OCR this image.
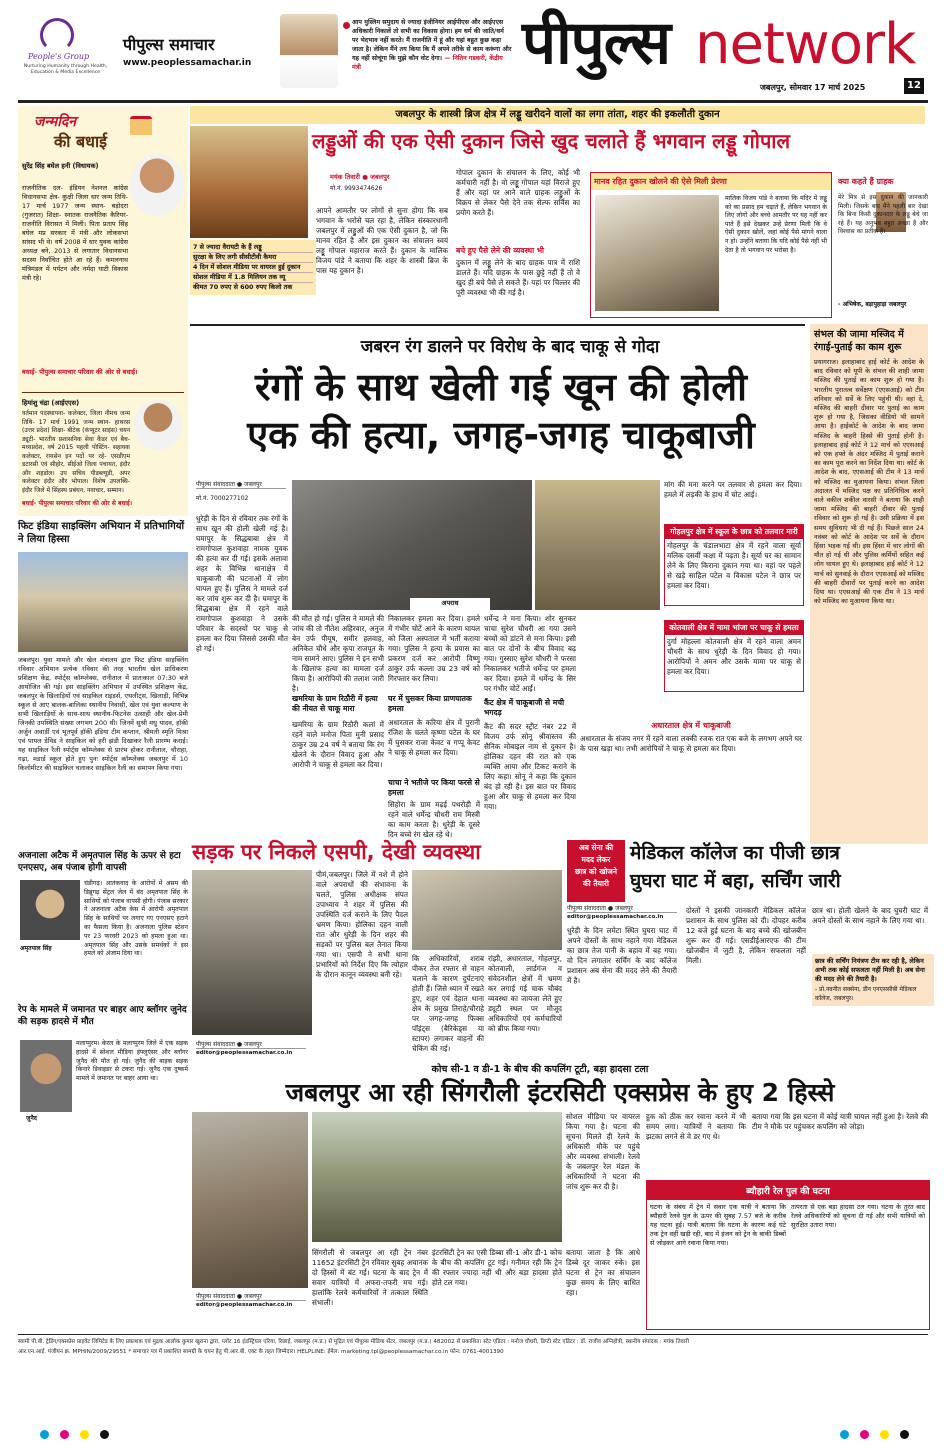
People's Group
Nurturing Humanity through Health, Education & Media Excellence
पीपुल्स समाचार
www.peoplessamachar.in
आप मुस्लिम समुदाय से ज्यादा इंजीनियर आईपीएस और आईएएस अधिकारी निकालें तो सभी का विकास होगा। हम धर्म की जाति/धर्म पर भेदभाव नहीं करते। मैं राजनीति में हूं और यहां बहुत कुछ कहा जाता है। लेकिन मैंने तय किया कि मैं अपने तरीके से काम करूंगा और यह नहीं सोचूंगा कि मुझे कौन वोट देगा। — नितिन गडकरी, केंद्रीय मंत्री	पीपुल्स network
जबलपुर, सोमवार 17 मार्च 2025	12
जन्मदिन
की बधाई
सुरेंद्र सिंह बघेल हनी (विधायक)
राजनीतिक दल- इंडियन नेशनल कांग्रेस विधानसभा क्षेत्र- कुक्षी जिला धार जन्म तिथि- 17 मार्च 1977 जन्म स्थान- बड़ोदरा (गुजरात) शिक्षा- स्नातक राजनैतिक कैरियर- राजनीति विरासत में मिली। पिता प्रताप सिंह बघेल मप्र सरकार में मंत्री और लोकसभा सांसद भी थे। वर्ष 2008 में धार युवक कांग्रेस अध्यक्ष बने, 2013 से लगातार विधानसभा सदस्य निर्वाचित होते आ रहे हैं। कमलनाथ मंत्रिमंडल में पर्यटन और नर्मदा घाटी विकास मंत्री रहे।
बधाई- पीपुल्स समाचार परिवार की ओर से बधाई।
हिमांशु चंद्रा (आईएएस)
वर्तमान पदस्थापना- कलेक्टर, जिला नीमच जन्म तिथि- 17 मार्च 1991 जन्म स्थान- हाथरस (उत्तर प्रदेश) शिक्षा- बीटेक (कंप्यूटर साइंस) चयन ड्यूटी- भारतीय प्रशासनिक सेवा कैडर एवं बैच- मध्यप्रदेश, वर्ष 2015 पहली पोस्टिंग- सहायक कलेक्टर, रायसेन इन पदों पर रहे- एसडीएम डटारसी एवं सीहोर, सीईओ जिला पंचायत, इंदौर और शहडोल। उप सचिव पीडब्ल्यूडी, अपर कलेक्टर इंदौर और भोपाल। विशेष उपलब्धि- इंदौर जिले में सिंहस्थ प्रबंधन, नवाचार, सम्मान।
बधाई- पीपुल्स समाचार परिवार की ओर से बधाई।
जबलपुर के शास्त्री ब्रिज क्षेत्र में लड्डू खरीदने वालों का लगा तांता, शहर की इकलौती दुकान
लड्डुओं की एक ऐसी दुकान जिसे खुद चलाते हैं भगवान लड्डू गोपाल
7 से ज्यादा वैरायटी के हैं लड्डू
सुरक्षा के लिए लगी सीसीटीवी कैमरा
4 दिन में सोशल मीडिया पर वायरल हुई दुकान
सोशल मीडिया में 1.8 मिलियन तक व्यू
कीमत 70 रुपए से 600 रुपए किलो तक
मयंक तिवारी ● जबलपुर
मो.नं. 9993474626
आपने आमतौर पर लोगों से सुना होगा कि सब भगवान के भरोसे चल रहा है, लेकिन संस्कारधानी जबलपुर में लड्डुओं की एक ऐसी दुकान है, जो कि मानव रहित है और इस दुकान का संचालन स्वयं लड्डू गोपाल महाराज करते हैं। दुकान के मालिक विजय पांडे ने बताया कि शहर के शास्त्री ब्रिज के पास यह दुकान है।
गोपाल दुकान के संचालन के लिए, कोई भी कर्मचारी नहीं है। वो लड्डू गोपाल यहां विराजे हुए हैं और यहां पर आने वाले ग्राहक लड्डुओं के विक्रय से लेकर पैसे देने तक सेल्फ सर्विस का प्रयोग करते हैं।
बचे हुए पैसे लेने की व्यवस्था भी
दुकान में लड्डू लेने के बाद ग्राहक पात्र में राशि डालते हैं। यदि ग्राहक के पास छुट्टे नहीं हैं तो वे खुद ही बचे पैसे ले सकते हैं। यहां पर चिल्लर की पूरी व्यवस्था भी की गई है।
मानव रहित दुकान खोलने की ऐसे मिली प्रेरणा
मालिक विजय पांडे ने बताया कि मंदिर में लड्डू को का प्रसाद हम चढ़ाते हैं, लेकिन भगवान के लिए लोगों और बच्चे आमतौर पर यह नहीं कर पाते हैं इसे देखकर उन्हें प्रेरणा मिली कि वे ऐसी दुकान खोलें, जहां कोई पैसे मांगने वाला न हो। उन्होंने बताया कि यदि कोई पैसे नहीं भी देता है तो भगवान पर भरोसा है।
क्या कहते हैं ग्राहक
मेरे मित्र से इस दुकान की जानकारी मिली। जिसके बाद मैंने पहली बार देखा कि बिना किसी दुकानदार के लड्डू बेचे जा रहे हैं। यह अनुभव बहुत अच्छा है और विश्वास का प्रतीक है।
- अभिषेक, बड़ापुहाड़ा जबलपुर
जबरन रंग डालने पर विरोध के बाद चाकू से गोदा
रंगों के साथ खेली गई खून की होली
एक की हत्या, जगह-जगह चाकूबाजी
पीपुल्स संवाददाता ● जबलपुर
मो.नं. 7000277102
धुरेड़ी के दिन से रविवार तक रंगों के साथ खून की होली खेली गई है। घमापुर के सिद्धबाबा क्षेत्र में रामगोपाल कुशवाहा नामक युवक की हत्या कर दी गई। इसके अलावा शहर के विभिन्न थानाक्षेत्र में चाकूबाजी की घटनाओं में लोग घायल हुए हैं। पुलिस ने मामले दर्ज कर जांच शुरू कर दी है। घमापुर के सिद्धबाबा क्षेत्र में रहने वाले रामगोपाल कुशवाहा ने उसके परिवार के सदस्यों पर चाकू से हमला कर दिया जिससे उसकी मौत हो गई।
अपराध
की मौत हो गई। पुलिस ने मामले की जांच की तो नीतेश अहिरवार, अनुज बेन उर्फ पीयूष, समीर हलवाह, अनिकेत चौधे और कृपा राजपूत के नाम सामने आए। पुलिस ने इन सभी के खिलाफ हत्या का मामला दर्ज किया है। आरोपियों की तलाश जारी है।
खमरिया के ग्राम रिठौरी में हत्या की नीयत से चाकू मारा
खमरिया के ग्राम रिठौरी कलां में रहने वाले मनोज पिता मुनी प्रसाद ठाकुर उम्र 24 वर्ष ने बताया कि रंग खेलने के दौरान विवाद हुआ और आरोपी ने चाकू से हमला कर दिया।
निकालकर हमला कर दिया। हमले में गंभीर चोटें आने के कारण घायल को जिला अस्पताल में भर्ती कराया गया। पुलिस ने हत्या के प्रयास का प्रकरण दर्ज कर आरोपी विष्णु ठाकुर उर्फ कल्ला उम्र 23 वर्ष को गिरफ्तार कर लिया।
घर में घुसकर किया प्राणघातक हमला
अधारताल के करिया क्षेत्र में पुरानी रंजिश के चलते कृष्णा पटेल के घर में घुसकर राजा केवट व गप्पू केवट ने चाकू से हमला कर दिया।
चाचा ने भतीजे पर किया फरसे से हमला
सिहोरा के ग्राम मढ़ई पथरोड़ी में रहने वाले धर्मेन्द्र चौधरी राम मिस्त्री का काम करता है। धुरेड़ी के दूसरे दिन बच्चे रंग खेल रहे थे।
धर्मेन्द्र ने मना किया। शोर सुनकर चाचा सुरेश चौधरी आ गया उसने बच्चों को डांटने से मना किया। इसी बात पर दोनों के बीच विवाद बढ़ गया। गुस्साए सुरेश चौधरी ने फरसा निकालकर भतीजे धर्मेन्द्र पर हमला कर दिया। हमले में धर्मेन्द्र के सिर पर गंभीर चोटें आईं।
कैंट क्षेत्र में चाकूबाजी से मची भगदड़
कैंट की सदर स्ट्रीट नंबर 22 में विजय उर्फ सोनू श्रीवास्तव की सैनिक मोबाइल नाम से दुकान है। होलिका दहन की रात को एक व्यक्ति आया और टिकट कराने के लिए कहा। सोनू ने कहा कि दुकान बंद हो रही है। इस बात पर विवाद हुआ और चाकू से हमला कर दिया गया।
मांग की मना करने पर तलवार से हमला कर दिया। हमले में लड़की के हाथ में चोट आई।
गोहलपुर क्षेत्र में स्कूल के छात्र को तलवार मारी
गोहलपुर के चंडालभाटा क्षेत्र में रहने वाला सूर्या मलिक दसवीं कक्षा में पढ़ता है। सूर्या घर का सामान लेने के लिए किराना दुकान गया था। वहां पर पहले से खड़े साहिल पटेल व विकास पटेल ने छात्र पर हमला कर दिया।
कोतवाली क्षेत्र में मामा भांजा पर चाकू से हमला
दुर्गा मोहल्ला कोतवाली क्षेत्र में रहने वाला अमन चौधरी के साथ धुरेड़ी के दिन विवाद हो गया। आरोपियों ने अमन और उसके मामा पर चाकू से हमला कर दिया।
अधारताल क्षेत्र में चाकूबाजी
अधारताल के संजय नगर में रहने वाला लक्की रजक रात एक बजे के लगभग अपने घर के पास खड़ा था। तभी आरोपियों ने चाकू से हमला कर दिया।
संभल की जामा मस्जिद में रंगाई-पुताई का काम शुरू
प्रयागराज। इलाहाबाद हाई कोर्ट के आदेश के बाद रविवार को यूपी के संभल की शाही जामा मस्जिद की पुताई का काम शुरू हो गया है। भारतीय पुरातत्व सर्वेक्षण (एएसआई) को टीम शनिवार को सर्वे के लिए पहुंची थी। वहां दे, मस्जिद की बाहरी दीवार पर पुताई का काम शुरू हो गया है, जिसका वीडियो भी सामने आया है। हाईकोर्ट के आदेश के बाद जामा मस्जिद के बाहरी हिस्से की पुताई होनी है। इलाहाबाद हाई कोर्ट ने 12 मार्च को एएसआई को एक हफ्ते के अंदर मस्जिद में पुताई कराने का काम पूरा करने का निर्देश दिया था। कोर्ट के आदेश के बाद, एएसआई की टीम ने 13 मार्च को मस्जिद का मुआयना किया। संभल जिला अदालत में मस्जिद पक्ष का प्रतिनिधित्व करने वाले वकील शकील वारसी ने बताया कि शाही जामा मस्जिद की बाहरी दीवार की पुताई रविवार को शुरू हो गई है। उसी प्रक्रिया में इस समय सुविधाएं भी दी गई हैं। पिछले साल 24 नवंबर को कोर्ट के आदेश पर सर्वे के दौरान हिंसा भड़क गई थी। इस हिंसा में चार लोगों की मौत हो गई थी और पुलिस कर्मियों सहित कई लोग घायल हुए थे। इलाहाबाद हाई कोर्ट ने 12 मार्च को सुनवाई के दौरान एएसआई को मस्जिद की बाहरी दीवारों पर पुताई करने का आदेश दिया था। एएसआई की एक टीम ने 13 मार्च को मस्जिद का मुआयना किया था।
फिट इंडिया साइक्लिंग अभियान में प्रतिभागियों ने लिया हिस्सा
जबलपुर। युवा मामले और खेल मंत्रालय द्वारा फिट इंडिया साइक्लिंग रविवार अभियान प्रत्येक रविवार की तरह भारतीय खेल प्राधिकरण प्रशिक्षण केंद्र, स्पोर्ट्स कॉम्प्लेक्स, रानीताल में प्रातःकाल 07:30 बजे आयोजित की गई। इस साइक्लिंग अभियान में उपस्थित प्रशिक्षण केंद्र, जबलपुर के खिलाड़ियों एवं साइकिल राइडर्स, एथलीट्स, खिलाड़ी, विभिन्न स्कूल से आए बालक-बालिका स्थानीय निवासी, खेल एवं युवा कल्याण के सभी खिलाड़ियों के साथ-साथ स्थानीय-फिटनेस उत्साही और खेल-प्रेमी जिनकी उपस्थिति संख्या लगभग 200 थी। जिनमें सुश्री मधु यादव, हॉकी अर्जुन अवार्डी एवं भूतपूर्व हॉकी इंडिया टीम कप्तान, श्रीमती स्मृति मिश्रा एवं पायल डेविड ने साइकिल को हरी झंडी दिखाकर रैली प्रारम्भ कराई। यह साइकिल रैली स्पोर्ट्स कॉम्प्लेक्स से प्रारंभ होकर रानीताल, चौराहा, गढ़ा, मडार्ड स्कूल होते हुए पुनः स्पोर्ट्स कॉम्प्लेक्स जबलपुर में 10 किलोमीटर की साइकिल चलाकर साइकिल रैली का समापन किया गया।
सड़क पर निकले एसपी, देखी व्यवस्था
पीपुल्स संवाददाता ● जबलपुर
editor@peoplessamachar.co.in
पीमं,जबलपुर। जिले में नशे में होने वाले अपराधों की संभावना के चलते, पुलिस अधीक्षक संपत उपाध्याय ने शहर में पुलिस की उपस्थिति दर्ज कराने के लिए पैदल भ्रमण किया। होलिका दहन वाली रात और धुरेड़ी के दिन शहर की सड़कों पर पुलिस बल तैनात किया गया था। एसपी ने सभी थाना प्रभारियों को निर्देश दिए कि त्योहार के दौरान कानून व्यवस्था बनी रहे।
कि अधिकारियों, शराब पीकर तेज रफ्तार से वाहन चलाने के कारण दुर्घटनाएं होती हैं। जिसे ध्यान में रखते हुए, शहर एवं देहात थाना क्षेत्र के प्रमुख तिराहे/चौराहे पर जगह-जगह फिक्स पॉइंट्स (बैरिकेड्स या स्टापर) लगाकर वाहनों की चेकिंग की गई।
रांझी, अधारताल, गोहलपुर, कोतवाली, लार्डगंज व संवेदनशील क्षेत्रों में भ्रमण कर लगाई गई चाक चौबंद व्यवस्था का जायजा लेते हुए ड्यूटी स्थल पर मौजूद अधिकारियों एवं कर्मचारियों को ब्रीफ किया गया।
अब सेना की
मदद लेकर
छात्र को खोजने
की तैयारी
मेडिकल कॉलेज का पीजी छात्र
घुघरा घाट में बहा, सर्चिंग जारी
पीपुल्स संवाददाता ● जबलपुर
editor@peoplessamachar.co.in
धुरेड़ी के दिन लमेटा स्थित घुघरा घाट में अपने दोस्तों के साथ नहाने गया मेडिकल का छात्र तेज पानी के बहाव में बह गया। वो दिन लगातार सर्चिंग के बाद कॉलेज प्रशासन अब सेना की मदद लेने की तैयारी में है।
दोस्तों ने इसकी जानकारी मेडिकल कॉलेज प्रशासन के साथ पुलिस को दी। दोपहर करीब 12 बजे हुई घटना के बाद बच्चे की खोजबीन शुरू कर दी गई। एसडीईआरएफ की टीम खोजबीन में जुटी है, लेकिन सफलता नहीं मिली।
छात्र था। होली खेलने के बाद घुघरी घाट में अपने दोस्तों के साथ नहाने के लिए गया था।
छात्र की सर्चिंग नियंत्रण टीम कर रही है, लेकिन अभी तक कोई सफलता नहीं मिली है। अब सेना की मदद लेने की तैयारी है।
- प्रो.नवनीत सक्सेना, डीन एनएससीबी मेडिकल कॉलेज, जबलपुर।
अजनाला अटैक में अमृतपाल सिंह के ऊपर से हटा एनएसए, अब पंजाब होगी वापसी
अमृतपाल सिंह
चंडीगढ़। आतंकवाद के आरोपों में असम की डिब्रूगढ़ सेंट्रल जेल में बंद अमृतपाल सिंह के साथियों को पंजाब वापसी होगी। पंजाब सरकार ने अजनाला अटैक केस में आरोपी अमृतपाल सिंह के साथियों पर लगाए गए एनएसए हटाने का फैसला किया है। अजनाला पुलिस स्टेशन पर 23 फरवरी 2023 को हमला हुआ था। अमृतपाल सिंह और उसके समर्थकों ने इस हमले को अंजाम दिया था।
रेप के मामले में जमानत पर बाहर आए ब्लॉगर जुनेद की सड़क हादसे में मौत
जुनैद
मलाप्पुरम। केरल के मलाप्पुरम जिले में एक सड़क हादसे में सोशल मीडिया इंफ्लुएंसर और ब्लॉगर जुनैद की मौत हो गई। जुनैद की बाइक सड़क किनारे डिवाइडर से टकरा गई। जुनैद एक दुष्कर्म मामले में जमानत पर बाहर आया था।
कोच सी-1 व डी-1 के बीच की कपलिंग टूटी, बड़ा हादसा टला
जबलपुर आ रही सिंगरौली इंटरसिटी एक्सप्रेस के हुए 2 हिस्से
पीपुल्स संवाददाता ● जबलपुर
editor@peoplessamachar.co.in
सिंगरौली से जबलपुर आ रही ट्रेन नंबर 11652 इंटरसिटी ट्रेन रविवार सुबह अचानक दो हिस्सों में बंट गई। घटना के बाद ट्रेन में सवार यात्रियों में अफरा-तफरी मच गई। हालांकि रेलवे कर्मचारियों ने तत्काल स्थिति संभाली।
इंटरसिटी ट्रेन का एसी डिब्बा सी-1 और डी-1 कोच के बीच की कपलिंग टूट गई। गनीमत रही कि ट्रेन की रफ्तार ज्यादा नहीं थी और बड़ा हादसा होते होते टल गया।
बताया जाता है कि आधे डिब्बे दूर जाकर रुके। इस घटना से ट्रेन का संचालन कुछ समय के लिए बाधित रहा।
सोशल मीडिया पर वायरल किया गया है। घटना की सूचना मिलते ही रेलवे के अधिकारी मौके पर पहुंचे और व्यवस्था संभाली। रेलवे के जबलपुर रेल मंडल के अधिकारियों ने घटना की जांच शुरू कर दी है।
हुक को ठीक कर रवाना करने में भी समय लगा। यात्रियों ने बताया कि झटका लगने से वे डर गए थे।
बताया गया कि इस घटना में कोई यात्री घायल नहीं हुआ है। रेलवे की टीम ने मौके पर पहुंचकर कपलिंग को जोड़ा।
ब्यौहारी रेल पुल की घटना
घटना के संबंध में ट्रेन में सवार एक यात्री ने बताया कि ब्यौहारी रेलवे पुल के ऊपर की सुबह 7.57 बजे के करीब यह घटना हुई। यात्री बताया कि घटना के कारण कई घंटे तक ट्रेन वहीं खड़ी रही, बाद में इंजन को ट्रेन के बाकी डिब्बों से जोड़कर आगे रवाना किया गया।
तत्परता से एक बड़ा हादसा टल गया। घटना के तुरंत बाद रेलवे अधिकारियों को सूचना दी गई और सभी यात्रियों को सुरक्षित उतारा गया।
स्वामी पी.बी. ट्रेडिंग/एक्सप्रेस प्राइवेट लिमिटेड के लिए प्रकाशक एवं मुद्रक आलोक कुमार खुराना द्वारा, प्लॉट 16 इंडस्ट्रियल एरिया, रिछाई, जबलपुर (म.प्र.) से मुद्रित एवं पीपुल्स मीडिया सेंटर, जबलपुर (म.प्र.) 482002 से प्रकाशित। स्टेट एडिटर : मनोज चौधरी, डिप्टी स्टेट एडिटर : डॉ. राजीव अग्निहोत्री, स्थानीय संपादक : मयंक तिवारी
आर.एन.आई. पंजीयन क्र. MPHIN/2009/29551 * समाचार पत्र में प्रकाशित सामग्री के चयन हेतु पी.आर.बी. एक्ट के तहत जिम्मेदार। HELPLINE: ईमेल: marketing.tpl@peoplessamachar.co.in फोन: 0761-4001390
